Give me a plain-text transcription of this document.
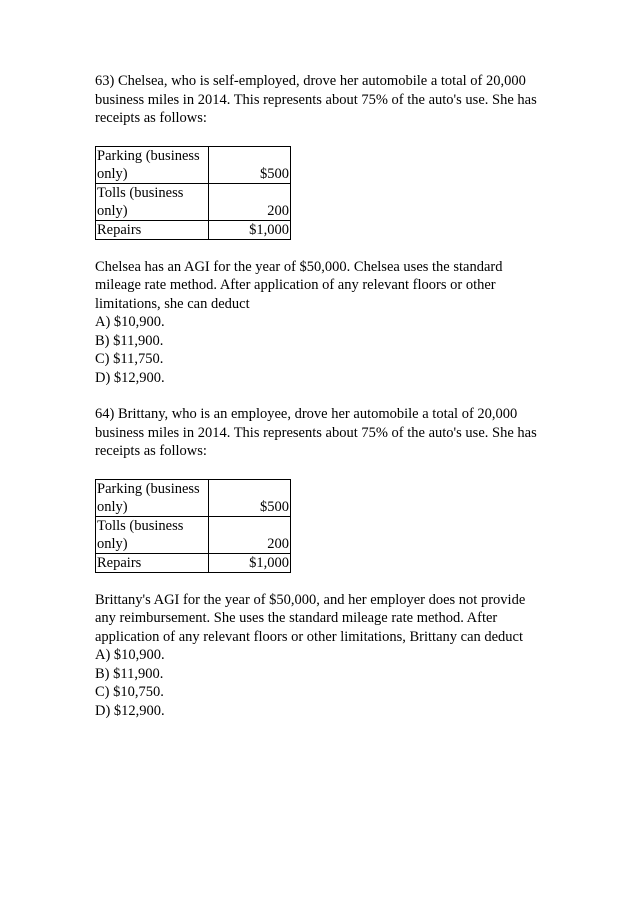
63) Chelsea, who is self-employed, drove her automobile a total of 20,000 business miles in 2014. This represents about 75% of the auto's use. She has receipts as follows:

Parking (business only)	$500
Tolls (business only)	200
Repairs	$1,000

Chelsea has an AGI for the year of $50,000. Chelsea uses the standard mileage rate method. After application of any relevant floors or other limitations, she can deduct

A) $10,900.
B) $11,900.
C) $11,750.
D) $12,900.

64) Brittany, who is an employee, drove her automobile a total of 20,000 business miles in 2014. This represents about 75% of the auto's use. She has receipts as follows:

Parking (business only)	$500
Tolls (business only)	200
Repairs	$1,000

Brittany's AGI for the year of $50,000, and her employer does not provide any reimbursement. She uses the standard mileage rate method. After application of any relevant floors or other limitations, Brittany can deduct

A) $10,900.
B) $11,900.
C) $10,750.
D) $12,900.
